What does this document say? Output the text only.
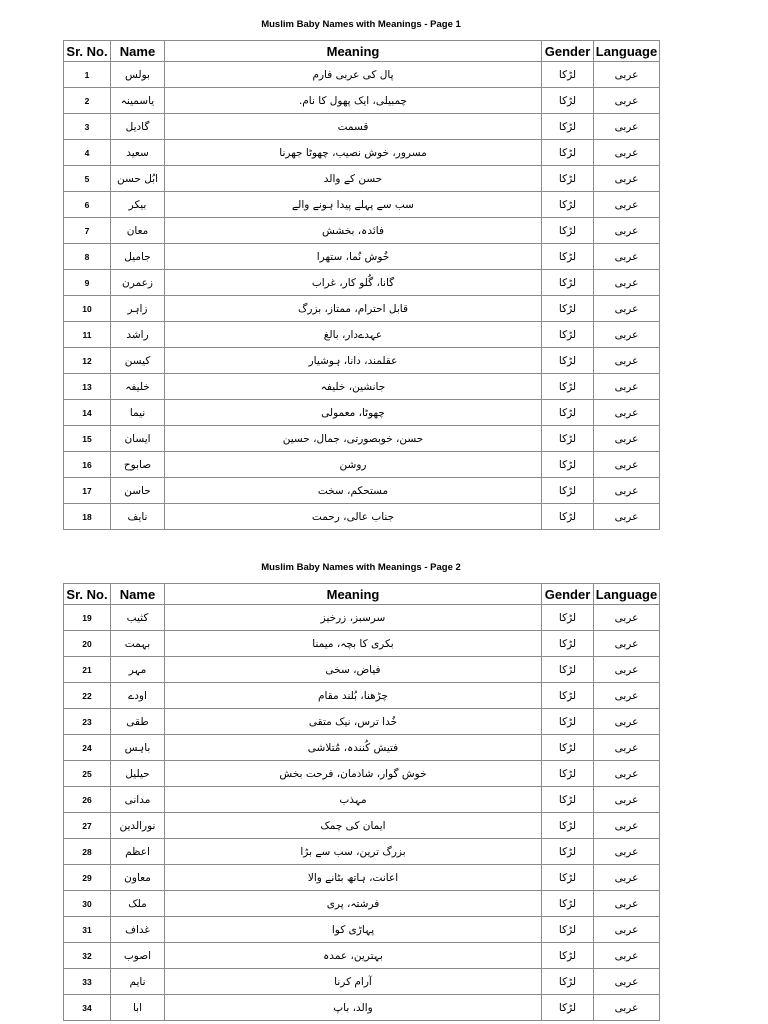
Muslim Baby Names with Meanings - Page 1
Sr. No.	Name	Meaning	Gender	Language
1	بولس	پال کی عربی فارم	لڑکا	عربی
2	یاسمینہ	چمبیلی، ایک پھول کا نام.	لڑکا	عربی
3	گادیل	قسمت	لڑکا	عربی
4	سعید	مسرور، خوش نصیب، چھوٹا جھرنا	لڑکا	عربی
5	ابُل حسن	حسن کے والد	لڑکا	عربی
6	بیکر	سب سے پہلے پیدا ہونے والے	لڑکا	عربی
7	معان	فائدہ، بخشش	لڑکا	عربی
8	جامیل	خُوش نُما، ستھرا	لڑکا	عربی
9	زعمرن	گانا، گُلو کار، غراب	لڑکا	عربی
10	زاہر	قابل احترام، ممتاز، بزرگ	لڑکا	عربی
11	راشد	عہدےدار، بالغ	لڑکا	عربی
12	کیسن	عقلمند، دانا، ہوشیار	لڑکا	عربی
13	خلیفہ	جانشین، خلیفہ	لڑکا	عربی
14	نیما	چھوٹا، معمولی	لڑکا	عربی
15	ایسان	حسن، خوبصورتی، جمال، حسین	لڑکا	عربی
16	صابوح	روشن	لڑکا	عربی
17	حاسن	مستحکم، سخت	لڑکا	عربی
18	نایف	جناب عالی، رحمت	لڑکا	عربی
Muslim Baby Names with Meanings - Page 2
Sr. No.	Name	Meaning	Gender	Language
19	کثیب	سرسبز، زرخیز	لڑکا	عربی
20	بہمت	بکری کا بچہ، میمنا	لڑکا	عربی
21	مہر	فیاض، سخی	لڑکا	عربی
22	اودے	چڑھنا، بُلند مقام	لڑکا	عربی
23	طقی	خُدا ترس، نیک متقی	لڑکا	عربی
24	باہس	فتیش کُنندہ، مُتلاشی	لڑکا	عربی
25	حیلیل	خوش گوار، شادمان، فرحت بخش	لڑکا	عربی
26	مدانی	مہذب	لڑکا	عربی
27	نورالدین	ایمان کی چمک	لڑکا	عربی
28	اعظم	بزرگ ترین، سب سے بڑا	لڑکا	عربی
29	معاون	اعانت، ہاتھ بٹانے والا	لڑکا	عربی
30	ملک	فرشتہ، پری	لڑکا	عربی
31	غداف	پہاڑی کوا	لڑکا	عربی
32	اصوب	بہترین، عمدہ	لڑکا	عربی
33	نایم	آرام کرنا	لڑکا	عربی
34	ابا	والد، باپ	لڑکا	عربی
